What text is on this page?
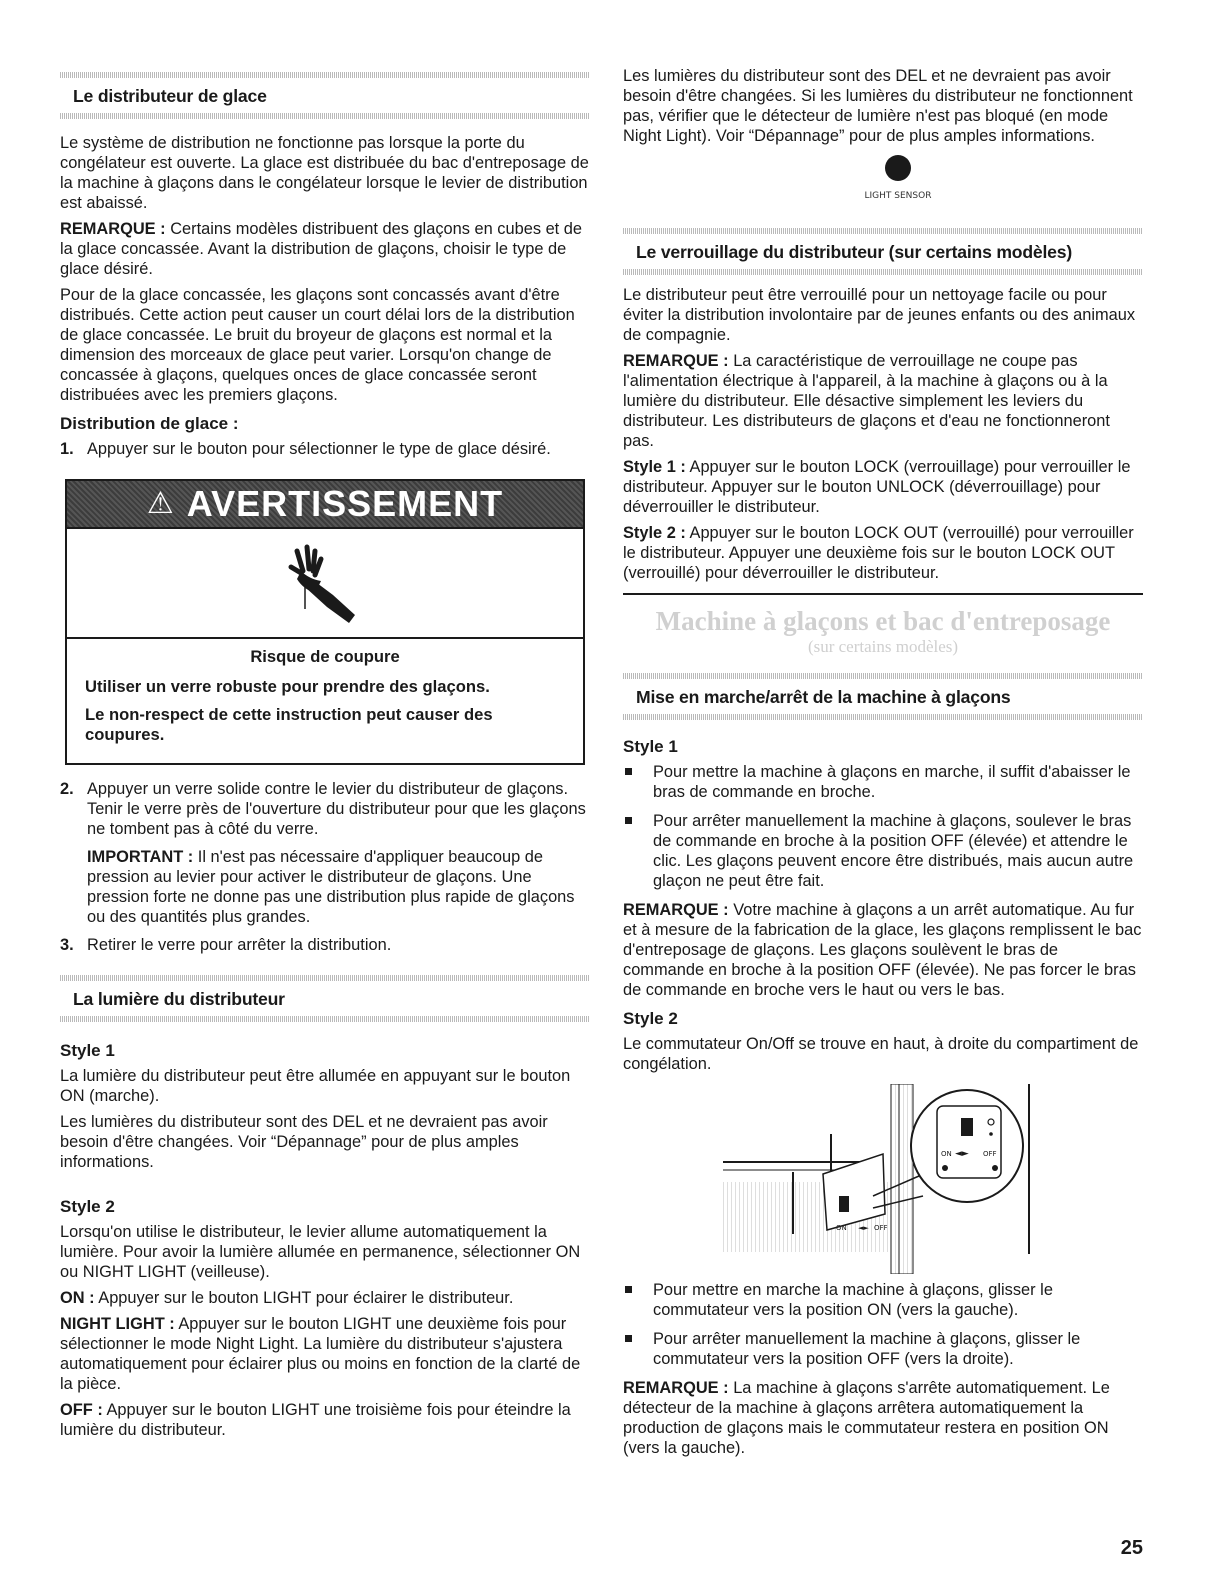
Le distributeur de glace

Le système de distribution ne fonctionne pas lorsque la porte du congélateur est ouverte. La glace est distribuée du bac d'entreposage de la machine à glaçons dans le congélateur lorsque le levier de distribution est abaissé.

REMARQUE : Certains modèles distribuent des glaçons en cubes et de la glace concassée. Avant la distribution de glaçons, choisir le type de glace désiré.

Pour de la glace concassée, les glaçons sont concassés avant d'être distribués. Cette action peut causer un court délai lors de la distribution de glace concassée. Le bruit du broyeur de glaçons est normal et la dimension des morceaux de glace peut varier. Lorsqu'on change de concassée à glaçons, quelques onces de glace concassée seront distribuées avec les premiers glaçons.

Distribution de glace :
1. Appuyer sur le bouton pour sélectionner le type de glace désiré.
⚠ AVERTISSEMENT
Risque de coupure

Utiliser un verre robuste pour prendre des glaçons.

Le non-respect de cette instruction peut causer des coupures.

2. Appuyer un verre solide contre le levier du distributeur de glaçons. Tenir le verre près de l'ouverture du distributeur pour que les glaçons ne tombent pas à côté du verre.

IMPORTANT : Il n'est pas nécessaire d'appliquer beaucoup de pression au levier pour activer le distributeur de glaçons. Une pression forte ne donne pas une distribution plus rapide de glaçons ou des quantités plus grandes.

3. Retirer le verre pour arrêter la distribution.
La lumière du distributeur
Style 1

La lumière du distributeur peut être allumée en appuyant sur le bouton ON (marche).

Les lumières du distributeur sont des DEL et ne devraient pas avoir besoin d'être changées. Voir “Dépannage” pour de plus amples informations.

Style 2

Lorsqu'on utilise le distributeur, le levier allume automatiquement la lumière. Pour avoir la lumière allumée en permanence, sélectionner ON ou NIGHT LIGHT (veilleuse).

ON : Appuyer sur le bouton LIGHT pour éclairer le distributeur.

NIGHT LIGHT : Appuyer sur le bouton LIGHT une deuxième fois pour sélectionner le mode Night Light. La lumière du distributeur s'ajustera automatiquement pour éclairer plus ou moins en fonction de la clarté de la pièce.

OFF : Appuyer sur le bouton LIGHT une troisième fois pour éteindre la lumière du distributeur.

Les lumières du distributeur sont des DEL et ne devraient pas avoir besoin d'être changées. Si les lumières du distributeur ne fonctionnent pas, vérifier que le détecteur de lumière n'est pas bloqué (en mode Night Light). Voir “Dépannage” pour de plus amples informations.

LIGHT SENSOR
Le verrouillage du distributeur (sur certains modèles)

Le distributeur peut être verrouillé pour un nettoyage facile ou pour éviter la distribution involontaire par de jeunes enfants ou des animaux de compagnie.

REMARQUE : La caractéristique de verrouillage ne coupe pas l'alimentation électrique à l'appareil, à la machine à glaçons ou à la lumière du distributeur. Elle désactive simplement les leviers du distributeur. Les distributeurs de glaçons et d'eau ne fonctionneront pas.

Style 1 : Appuyer sur le bouton LOCK (verrouillage) pour verrouiller le distributeur. Appuyer sur le bouton UNLOCK (déverrouillage) pour déverrouiller le distributeur.

Style 2 : Appuyer sur le bouton LOCK OUT (verrouillé) pour verrouiller le distributeur. Appuyer une deuxième fois sur le bouton LOCK OUT (verrouillé) pour déverrouiller le distributeur.

Machine à glaçons et bac d'entreposage
(sur certains modèles)
Mise en marche/arrêt de la machine à glaçons
Style 1
Pour mettre la machine à glaçons en marche, il suffit d'abaisser le bras de commande en broche.
Pour arrêter manuellement la machine à glaçons, soulever le bras de commande en broche à la position OFF (élevée) et attendre le clic. Les glaçons peuvent encore être distribués, mais aucun autre glaçon ne peut être fait.

REMARQUE : Votre machine à glaçons a un arrêt automatique. Au fur et à mesure de la fabrication de la glace, les glaçons remplissent le bac d'entreposage de glaçons. Les glaçons soulèvent le bras de commande en broche à la position OFF (élevée). Ne pas forcer le bras de commande en broche vers le haut ou vers le bas.

Style 2

Le commutateur On/Off se trouve en haut, à droite du compartiment de congélation.

ON ◄► OFF
ON ◄► OFF
Pour mettre en marche la machine à glaçons, glisser le commutateur vers la position ON (vers la gauche).
Pour arrêter manuellement la machine à glaçons, glisser le commutateur vers la position OFF (vers la droite).

REMARQUE : La machine à glaçons s'arrête automatiquement. Le détecteur de la machine à glaçons arrêtera automatiquement la production de glaçons mais le commutateur restera en position ON (vers la gauche).

25
